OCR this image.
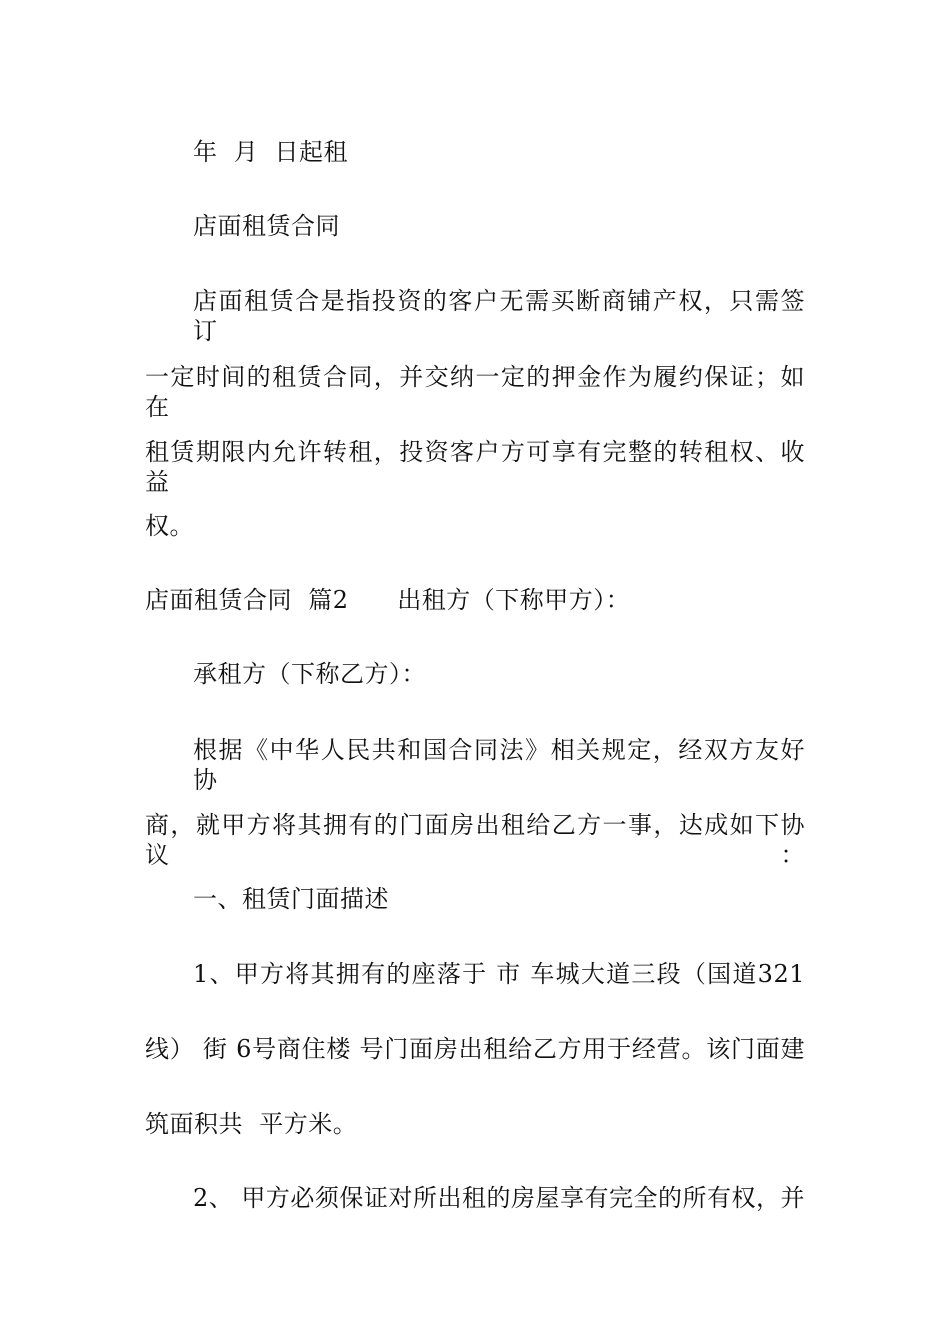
年  月  日起租
店面租赁合同
店面租赁合是指投资的客户无需买断商铺产权，只需签订
一定时间的租赁合同，并交纳一定的押金作为履约保证；如在
租赁期限内允许转租，投资客户方可享有完整的转租权、收益
权。
店面租赁合同  篇2      出租方（下称甲方）：
承租方（下称乙方）：
根据《中华人民共和国合同法》相关规定，经双方友好协
商，就甲方将其拥有的门面房出租给乙方一事，达成如下协议：
一、租赁门面描述
1、甲方将其拥有的座落于 市 车城大道三段（国道321
线） 街 6号商住楼 号门面房出租给乙方用于经营。该门面建
筑面积共  平方米。
2、 甲方必须保证对所出租的房屋享有完全的所有权，并
